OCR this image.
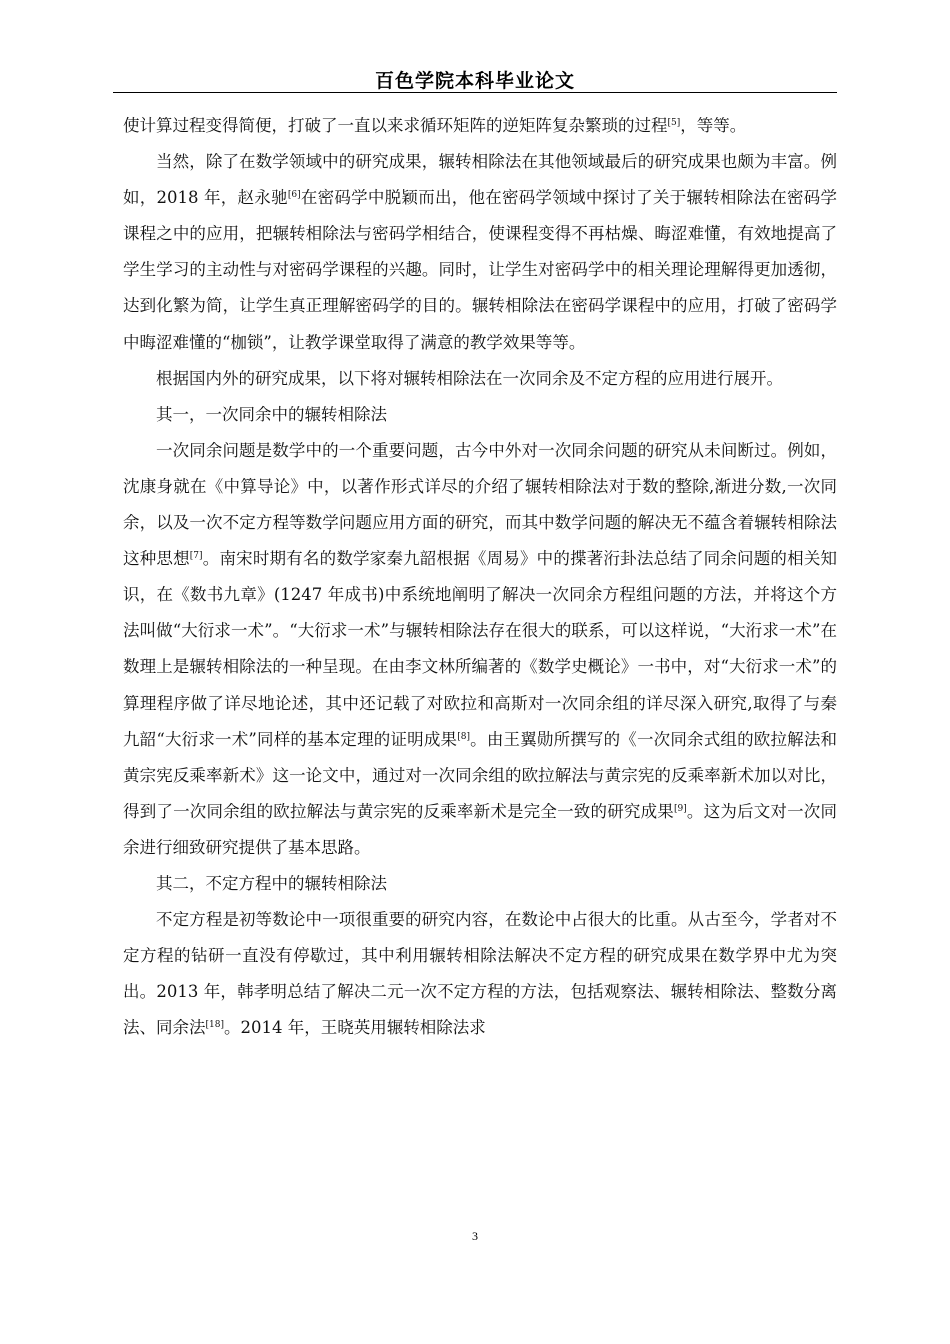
百色学院本科毕业论文

使计算过程变得简便，打破了一直以来求循环矩阵的逆矩阵复杂繁琐的过程[5]，等等。

当然，除了在数学领域中的研究成果，辗转相除法在其他领域最后的研究成果也颇为丰富。例如，2018 年，赵永驰[6]在密码学中脱颖而出，他在密码学领域中探讨了关于辗转相除法在密码学课程之中的应用，把辗转相除法与密码学相结合，使课程变得不再枯燥、晦涩难懂，有效地提高了学生学习的主动性与对密码学课程的兴趣。同时，让学生对密码学中的相关理论理解得更加透彻，达到化繁为简，让学生真正理解密码学的目的。辗转相除法在密码学课程中的应用，打破了密码学中晦涩难懂的“枷锁”，让教学课堂取得了满意的教学效果等等。

根据国内外的研究成果，以下将对辗转相除法在一次同余及不定方程的应用进行展开。

其一，一次同余中的辗转相除法

一次同余问题是数学中的一个重要问题，古今中外对一次同余问题的研究从未间断过。例如，沈康身就在《中算导论》中，以著作形式详尽的介绍了辗转相除法对于数的整除,渐进分数,一次同余，以及一次不定方程等数学问题应用方面的研究，而其中数学问题的解决无不蕴含着辗转相除法这种思想[7]。南宋时期有名的数学家秦九韶根据《周易》中的揲著洐卦法总结了同余问题的相关知识，在《数书九章》(1247 年成书)中系统地阐明了解决一次同余方程组问题的方法，并将这个方法叫做“大衍求一术”。“大衍求一术”与辗转相除法存在很大的联系，可以这样说，“大洐求一术”在数理上是辗转相除法的一种呈现。在由李文林所编著的《数学史概论》一书中，对“大衍求一术”的算理程序做了详尽地论述，其中还记载了对欧拉和高斯对一次同余组的详尽深入研究,取得了与秦九韶“大衍求一术”同样的基本定理的证明成果[8]。由王翼勋所撰写的《一次同余式组的欧拉解法和黄宗宪反乘率新术》这一论文中，通过对一次同余组的欧拉解法与黄宗宪的反乘率新术加以对比，得到了一次同余组的欧拉解法与黄宗宪的反乘率新术是完全一致的研究成果[9]。这为后文对一次同余进行细致研究提供了基本思路。

其二，不定方程中的辗转相除法

不定方程是初等数论中一项很重要的研究内容，在数论中占很大的比重。从古至今，学者对不定方程的钻研一直没有停歇过，其中利用辗转相除法解决不定方程的研究成果在数学界中尤为突出。2013 年，韩孝明总结了解决二元一次不定方程的方法，包括观察法、辗转相除法、整数分离法、同余法[18]。2014 年，王晓英用辗转相除法求

3
